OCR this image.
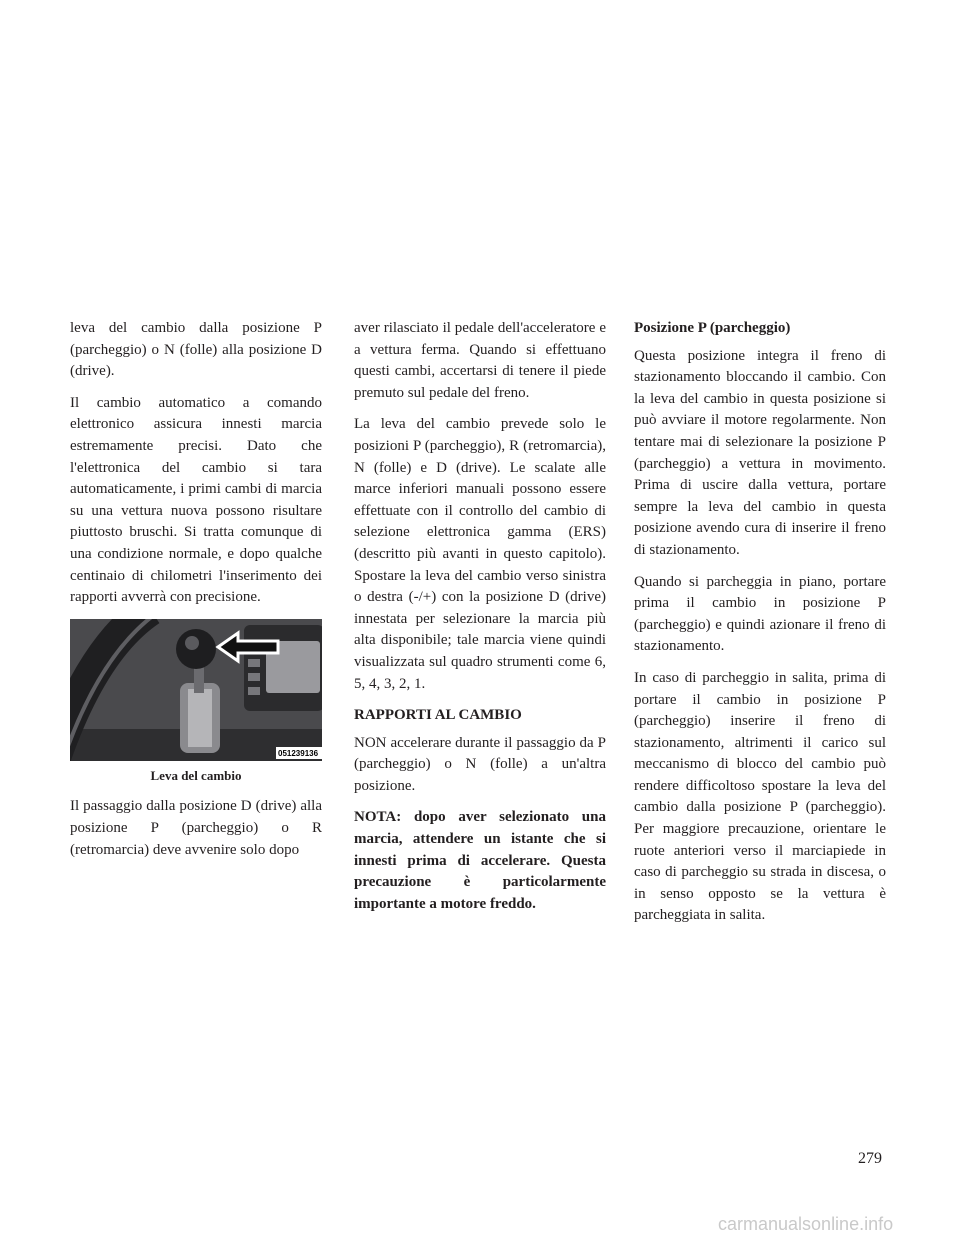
leva del cambio dalla posizione P (parcheggio) o N (folle) alla posizione D (drive).

Il cambio automatico a comando elettronico assicura innesti marcia estremamente precisi. Dato che l'elettronica del cambio si tara automaticamente, i primi cambi di marcia su una vettura nuova possono risultare piuttosto bruschi. Si tratta comunque di una condizione normale, e dopo qualche centinaio di chilometri l'inserimento dei rapporti avverrà con precisione.

051239136
Leva del cambio

Il passaggio dalla posizione D (drive) alla posizione P (parcheggio) o R (retromarcia) deve avvenire solo dopo

aver rilasciato il pedale dell'acceleratore e a vettura ferma. Quando si effettuano questi cambi, accertarsi di tenere il piede premuto sul pedale del freno.

La leva del cambio prevede solo le posizioni P (parcheggio), R (retromarcia), N (folle) e D (drive). Le scalate alle marce inferiori manuali possono essere effettuate con il controllo del cambio di selezione elettronica gamma (ERS) (descritto più avanti in questo capitolo). Spostare la leva del cambio verso sinistra o destra (-/+) con la posizione D (drive) innestata per selezionare la marcia più alta disponibile; tale marcia viene quindi visualizzata sul quadro strumenti come 6, 5, 4, 3, 2, 1.

RAPPORTI AL CAMBIO

NON accelerare durante il passaggio da P (parcheggio) o N (folle) a un'altra posizione.

NOTA: dopo aver selezionato una marcia, attendere un istante che si innesti prima di accelerare. Questa precauzione è particolarmente importante a motore freddo.

Posizione P (parcheggio)

Questa posizione integra il freno di stazionamento bloccando il cambio. Con la leva del cambio in questa posizione si può avviare il motore regolarmente. Non tentare mai di selezionare la posizione P (parcheggio) a vettura in movimento. Prima di uscire dalla vettura, portare sempre la leva del cambio in questa posizione avendo cura di inserire il freno di stazionamento.

Quando si parcheggia in piano, portare prima il cambio in posizione P (parcheggio) e quindi azionare il freno di stazionamento.

In caso di parcheggio in salita, prima di portare il cambio in posizione P (parcheggio) inserire il freno di stazionamento, altrimenti il carico sul meccanismo di blocco del cambio può rendere difficoltoso spostare la leva del cambio dalla posizione P (parcheggio). Per maggiore precauzione, orientare le ruote anteriori verso il marciapiede in caso di parcheggio su strada in discesa, o in senso opposto se la vettura è parcheggiata in salita.

279
carmanualsonline.info
